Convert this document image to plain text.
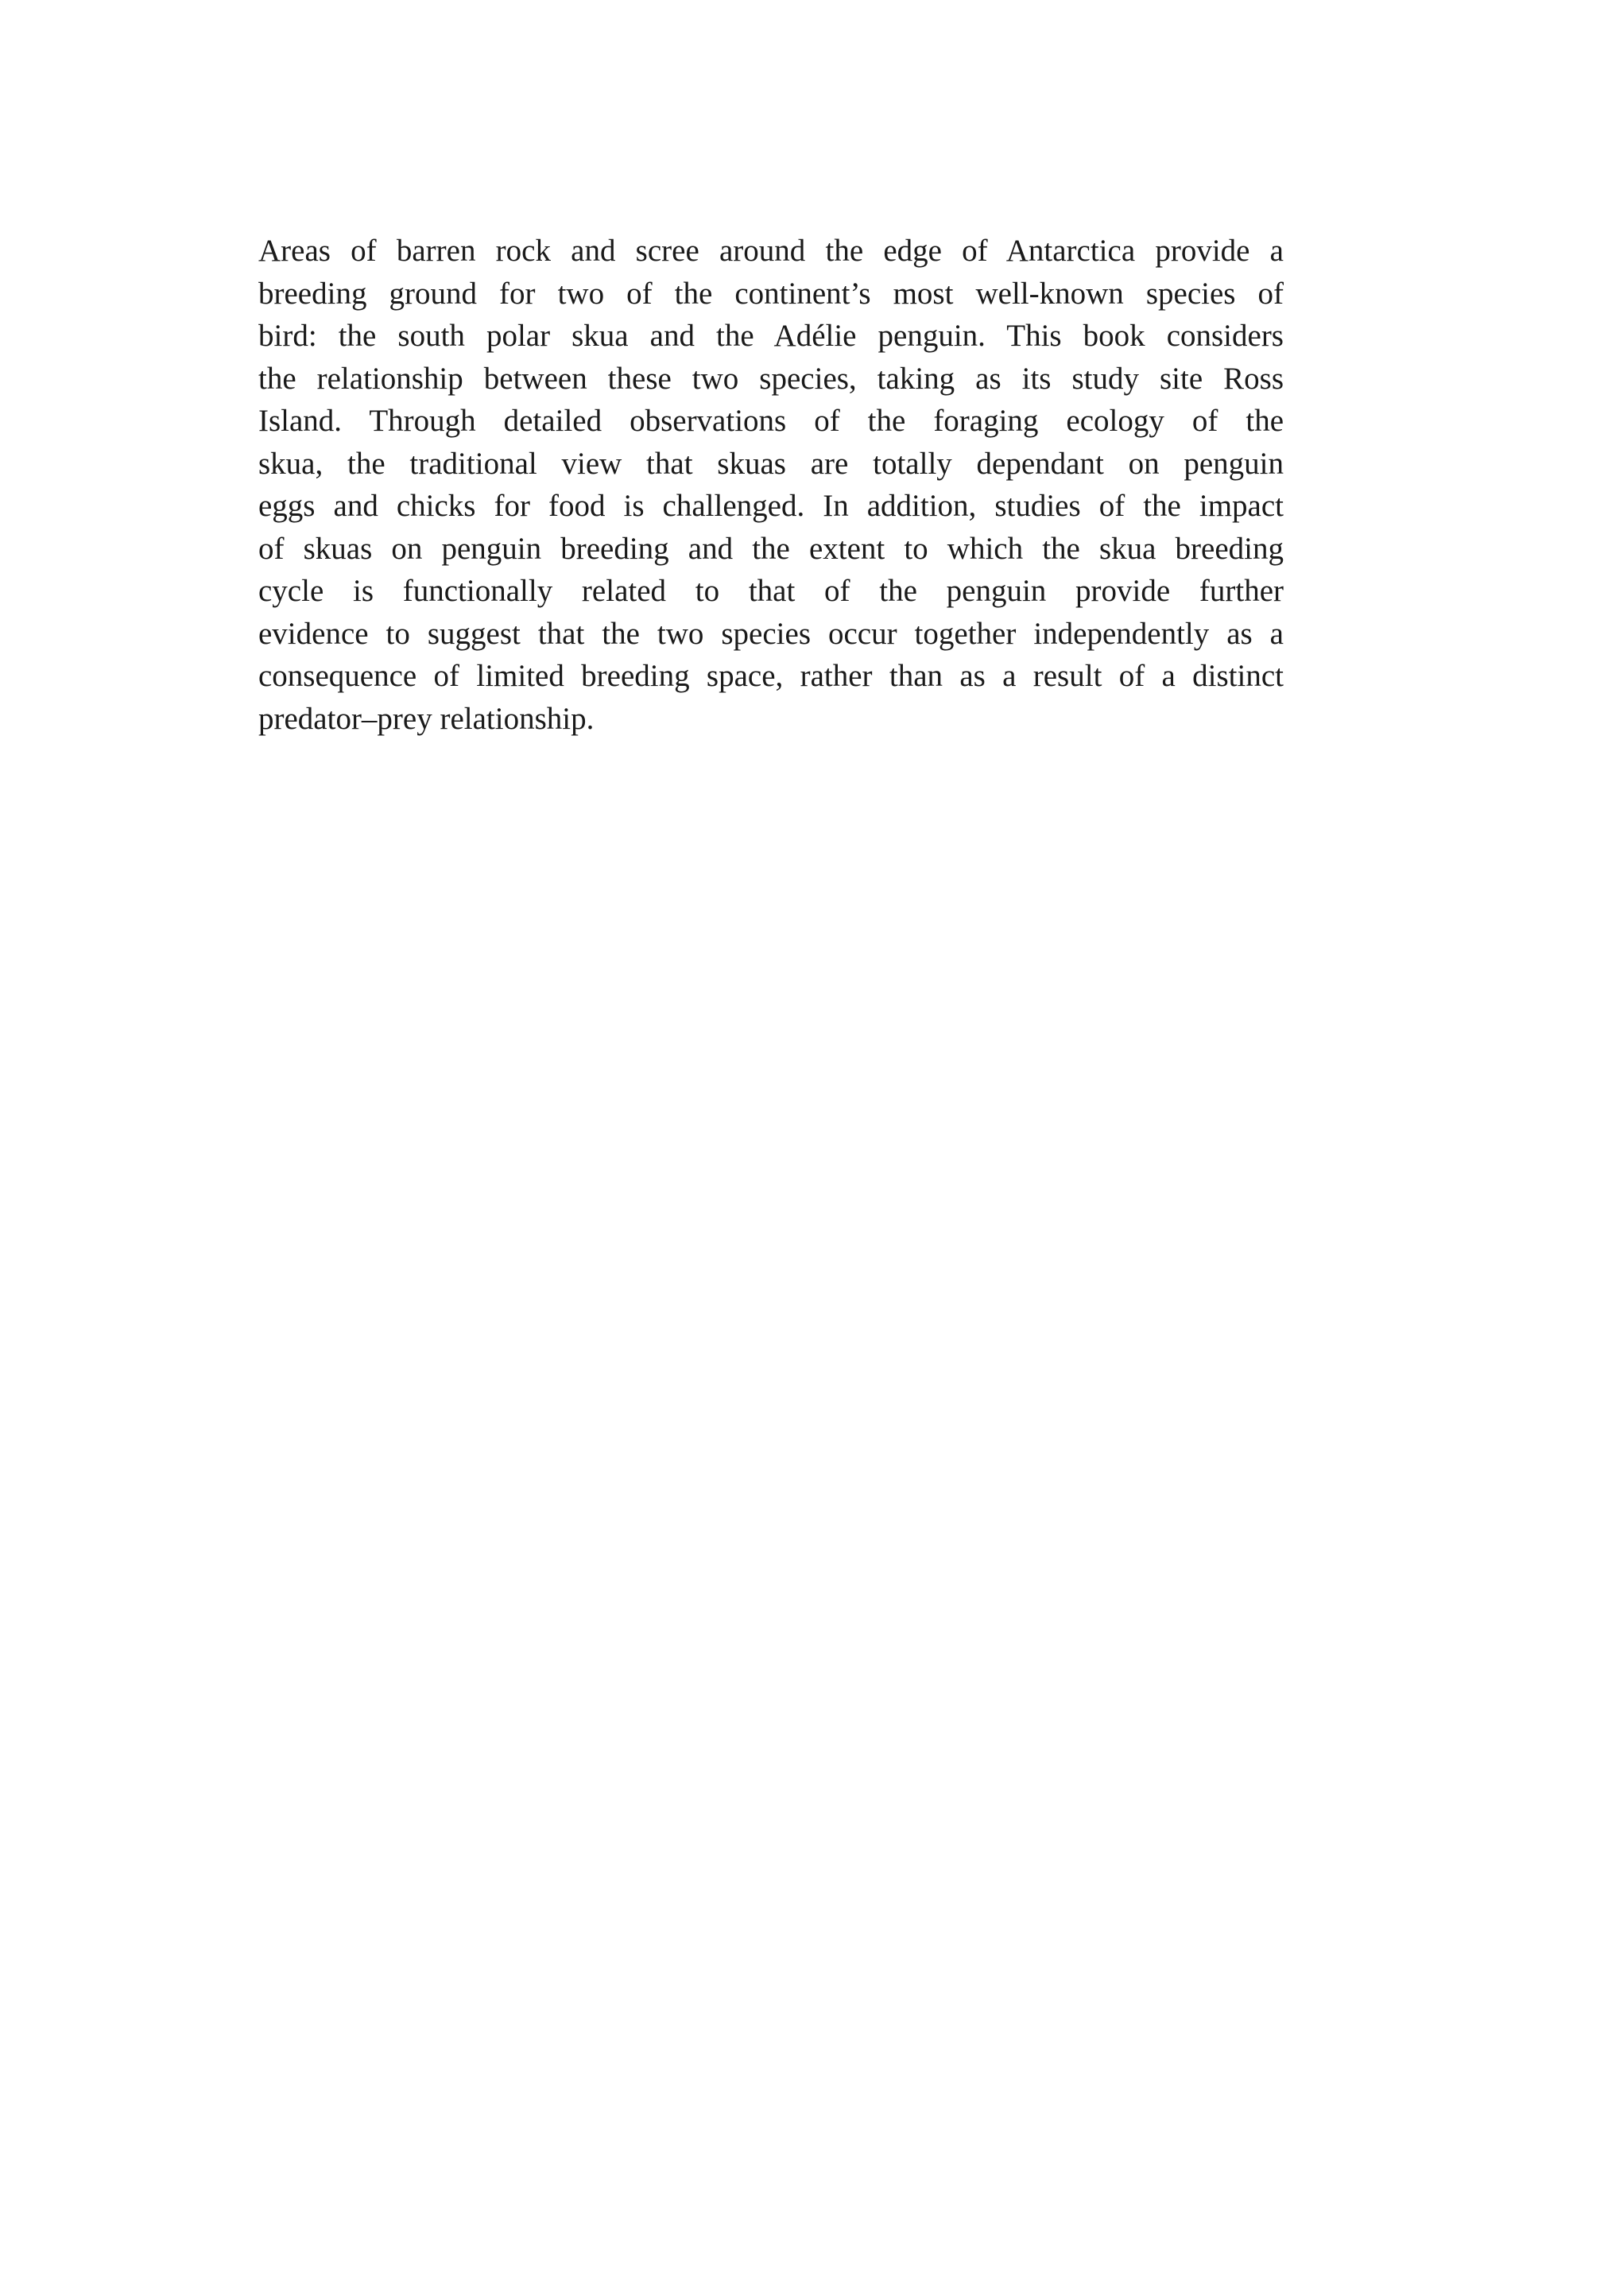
Areas of barren rock and scree around the edge of Antarctica provide a
breeding ground for two of the continent’s most well-known species of
bird: the south polar skua and the Adélie penguin. This book considers
the relationship between these two species, taking as its study site Ross
Island. Through detailed observations of the foraging ecology of the
skua, the traditional view that skuas are totally dependant on penguin
eggs and chicks for food is challenged. In addition, studies of the impact
of skuas on penguin breeding and the extent to which the skua breeding
cycle is functionally related to that of the penguin provide further
evidence to suggest that the two species occur together independently as a
consequence of limited breeding space, rather than as a result of a distinct
predator–prey relationship.
